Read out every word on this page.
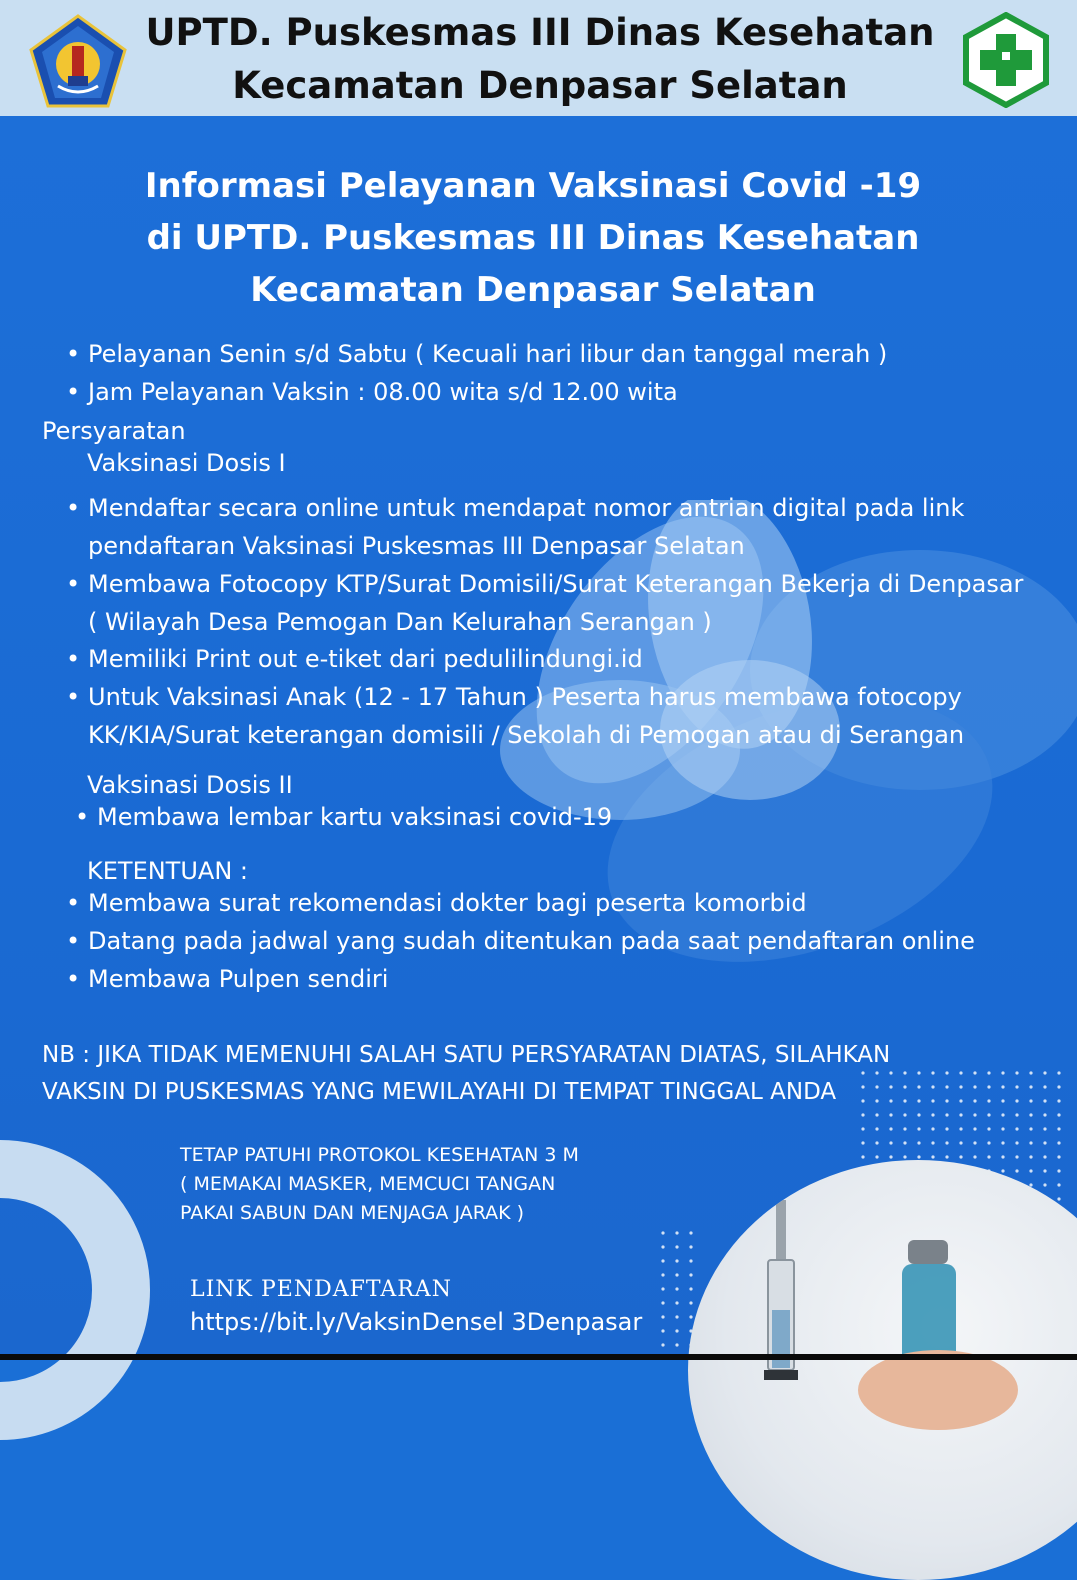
UPTD. Puskesmas III Dinas Kesehatan
Kecamatan Denpasar Selatan
Informasi Pelayanan Vaksinasi Covid -19
di UPTD. Puskesmas III Dinas Kesehatan
Kecamatan Denpasar Selatan
• Pelayanan Senin s/d Sabtu ( Kecuali hari libur dan tanggal merah )
• Jam Pelayanan Vaksin : 08.00 wita s/d 12.00 wita
Persyaratan
Vaksinasi Dosis I
• Mendaftar secara online untuk mendapat nomor antrian digital pada link
pendaftaran Vaksinasi Puskesmas III Denpasar Selatan
• Membawa Fotocopy KTP/Surat Domisili/Surat Keterangan Bekerja di Denpasar
( Wilayah Desa Pemogan Dan Kelurahan Serangan )
• Memiliki Print out e-tiket dari pedulilindungi.id
• Untuk Vaksinasi Anak (12 - 17 Tahun ) Peserta harus membawa fotocopy
KK/KIA/Surat keterangan domisili / Sekolah di Pemogan atau di Serangan
Vaksinasi Dosis II
• Membawa lembar kartu vaksinasi covid-19
KETENTUAN :
• Membawa surat rekomendasi dokter bagi peserta komorbid
• Datang pada jadwal yang sudah ditentukan pada saat pendaftaran online
• Membawa Pulpen sendiri
NB : JIKA TIDAK MEMENUHI SALAH SATU PERSYARATAN DIATAS, SILAHKAN
VAKSIN DI PUSKESMAS YANG MEWILAYAHI DI TEMPAT TINGGAL ANDA
TETAP PATUHI PROTOKOL KESEHATAN 3 M
( MEMAKAI MASKER, MEMCUCI TANGAN
PAKAI SABUN DAN MENJAGA JARAK )
LINK PENDAFTARAN
https://bit.ly/VaksinDensel 3Denpasar
